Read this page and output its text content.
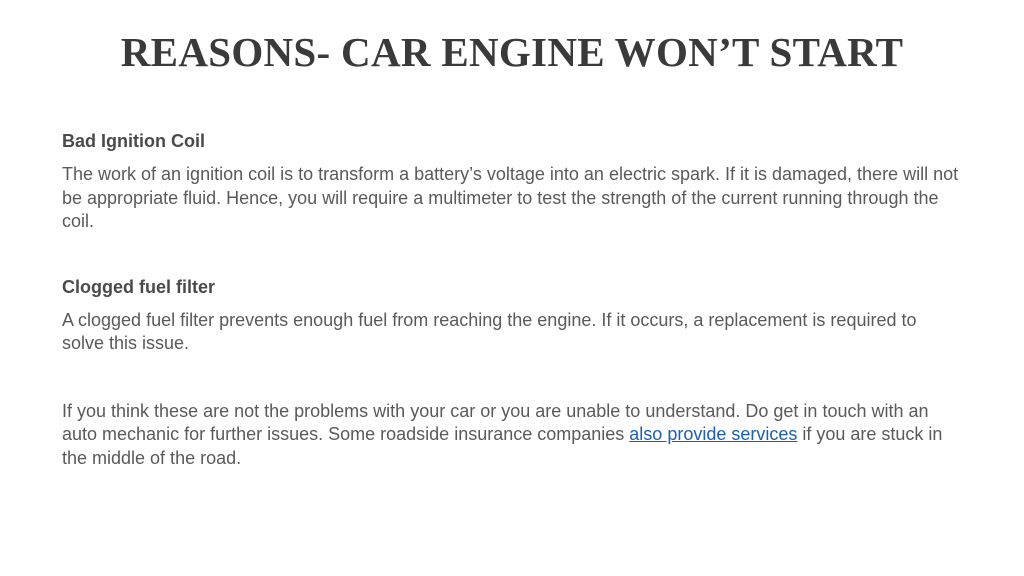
REASONS- CAR ENGINE WON’T START

Bad Ignition Coil

The work of an ignition coil is to transform a battery’s voltage into an electric spark. If it is damaged, there will not be appropriate fluid. Hence, you will require a multimeter to test the strength of the current running through the coil.

Clogged fuel filter

A clogged fuel filter prevents enough fuel from reaching the engine. If it occurs, a replacement is required to solve this issue.

If you think these are not the problems with your car or you are unable to understand. Do get in touch with an auto mechanic for further issues. Some roadside insurance companies also provide services if you are stuck in the middle of the road.
